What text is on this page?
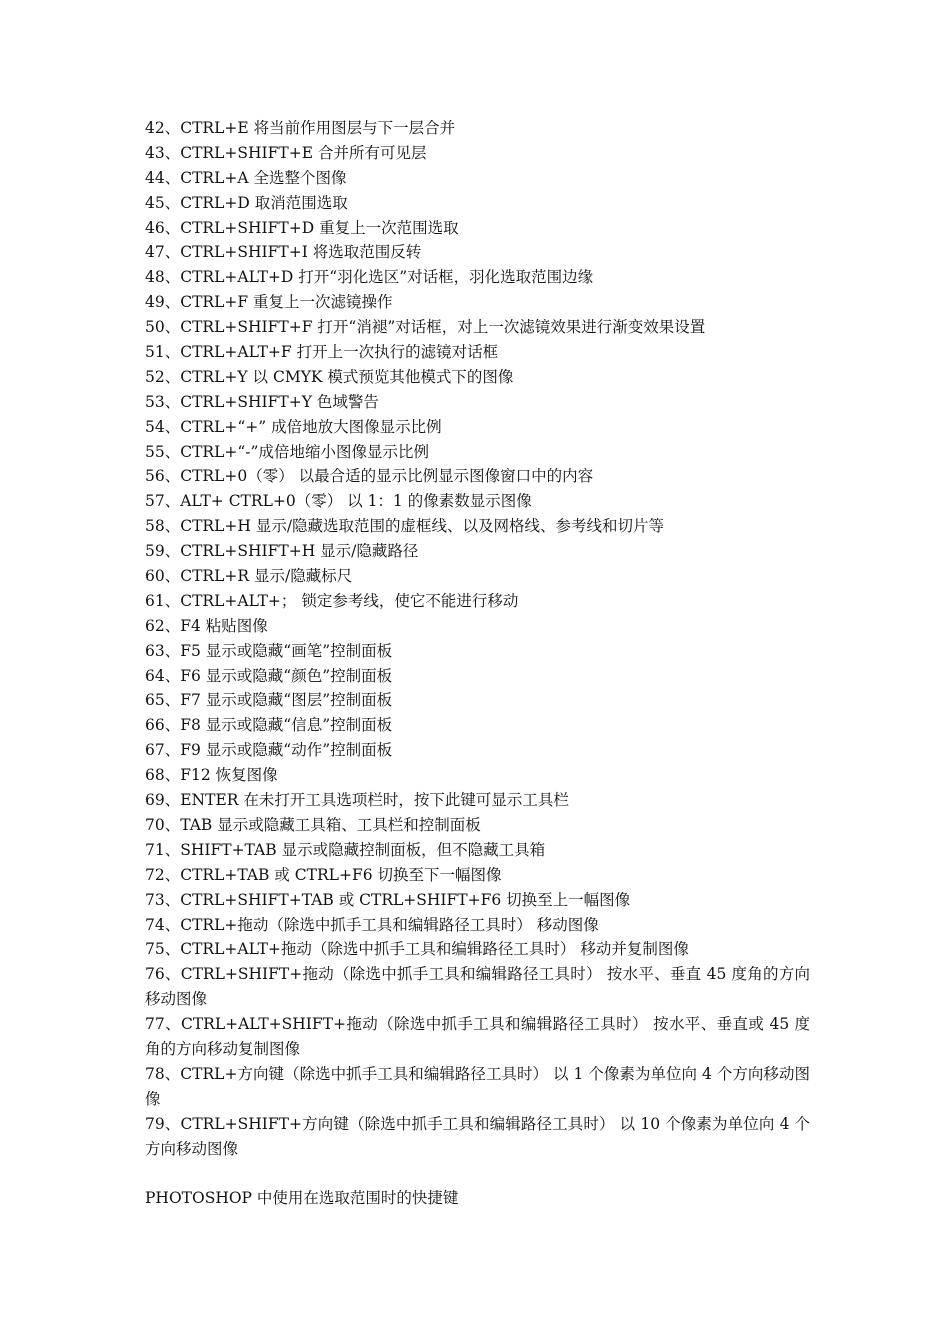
42、CTRL+E 将当前作用图层与下一层合并
43、CTRL+SHIFT+E 合并所有可见层
44、CTRL+A 全选整个图像
45、CTRL+D 取消范围选取
46、CTRL+SHIFT+D 重复上一次范围选取
47、CTRL+SHIFT+I 将选取范围反转
48、CTRL+ALT+D 打开“羽化选区”对话框，羽化选取范围边缘
49、CTRL+F 重复上一次滤镜操作
50、CTRL+SHIFT+F 打开“消褪”对话框，对上一次滤镜效果进行渐变效果设置
51、CTRL+ALT+F 打开上一次执行的滤镜对话框
52、CTRL+Y 以 CMYK 模式预览其他模式下的图像
53、CTRL+SHIFT+Y 色域警告
54、CTRL+“+” 成倍地放大图像显示比例
55、CTRL+“-”成倍地缩小图像显示比例
56、CTRL+0（零） 以最合适的显示比例显示图像窗口中的内容
57、ALT+ CTRL+0（零） 以 1：1 的像素数显示图像
58、CTRL+H 显示/隐藏选取范围的虚框线、以及网格线、参考线和切片等
59、CTRL+SHIFT+H 显示/隐藏路径
60、CTRL+R 显示/隐藏标尺
61、CTRL+ALT+； 锁定参考线，使它不能进行移动
62、F4 粘贴图像
63、F5 显示或隐藏“画笔”控制面板
64、F6 显示或隐藏“颜色”控制面板
65、F7 显示或隐藏“图层”控制面板
66、F8 显示或隐藏“信息”控制面板
67、F9 显示或隐藏“动作”控制面板
68、F12 恢复图像
69、ENTER 在未打开工具选项栏时，按下此键可显示工具栏
70、TAB 显示或隐藏工具箱、工具栏和控制面板
71、SHIFT+TAB 显示或隐藏控制面板，但不隐藏工具箱
72、CTRL+TAB 或 CTRL+F6 切换至下一幅图像
73、CTRL+SHIFT+TAB 或 CTRL+SHIFT+F6 切换至上一幅图像
74、CTRL+拖动（除选中抓手工具和编辑路径工具时） 移动图像
75、CTRL+ALT+拖动（除选中抓手工具和编辑路径工具时） 移动并复制图像
76、CTRL+SHIFT+拖动（除选中抓手工具和编辑路径工具时） 按水平、垂直 45 度角的方向移动图像
77、CTRL+ALT+SHIFT+拖动（除选中抓手工具和编辑路径工具时） 按水平、垂直或 45 度角的方向移动复制图像
78、CTRL+方向键（除选中抓手工具和编辑路径工具时） 以 1 个像素为单位向 4 个方向移动图像
79、CTRL+SHIFT+方向键（除选中抓手工具和编辑路径工具时） 以 10 个像素为单位向 4 个方向移动图像
PHOTOSHOP 中使用在选取范围时的快捷键
